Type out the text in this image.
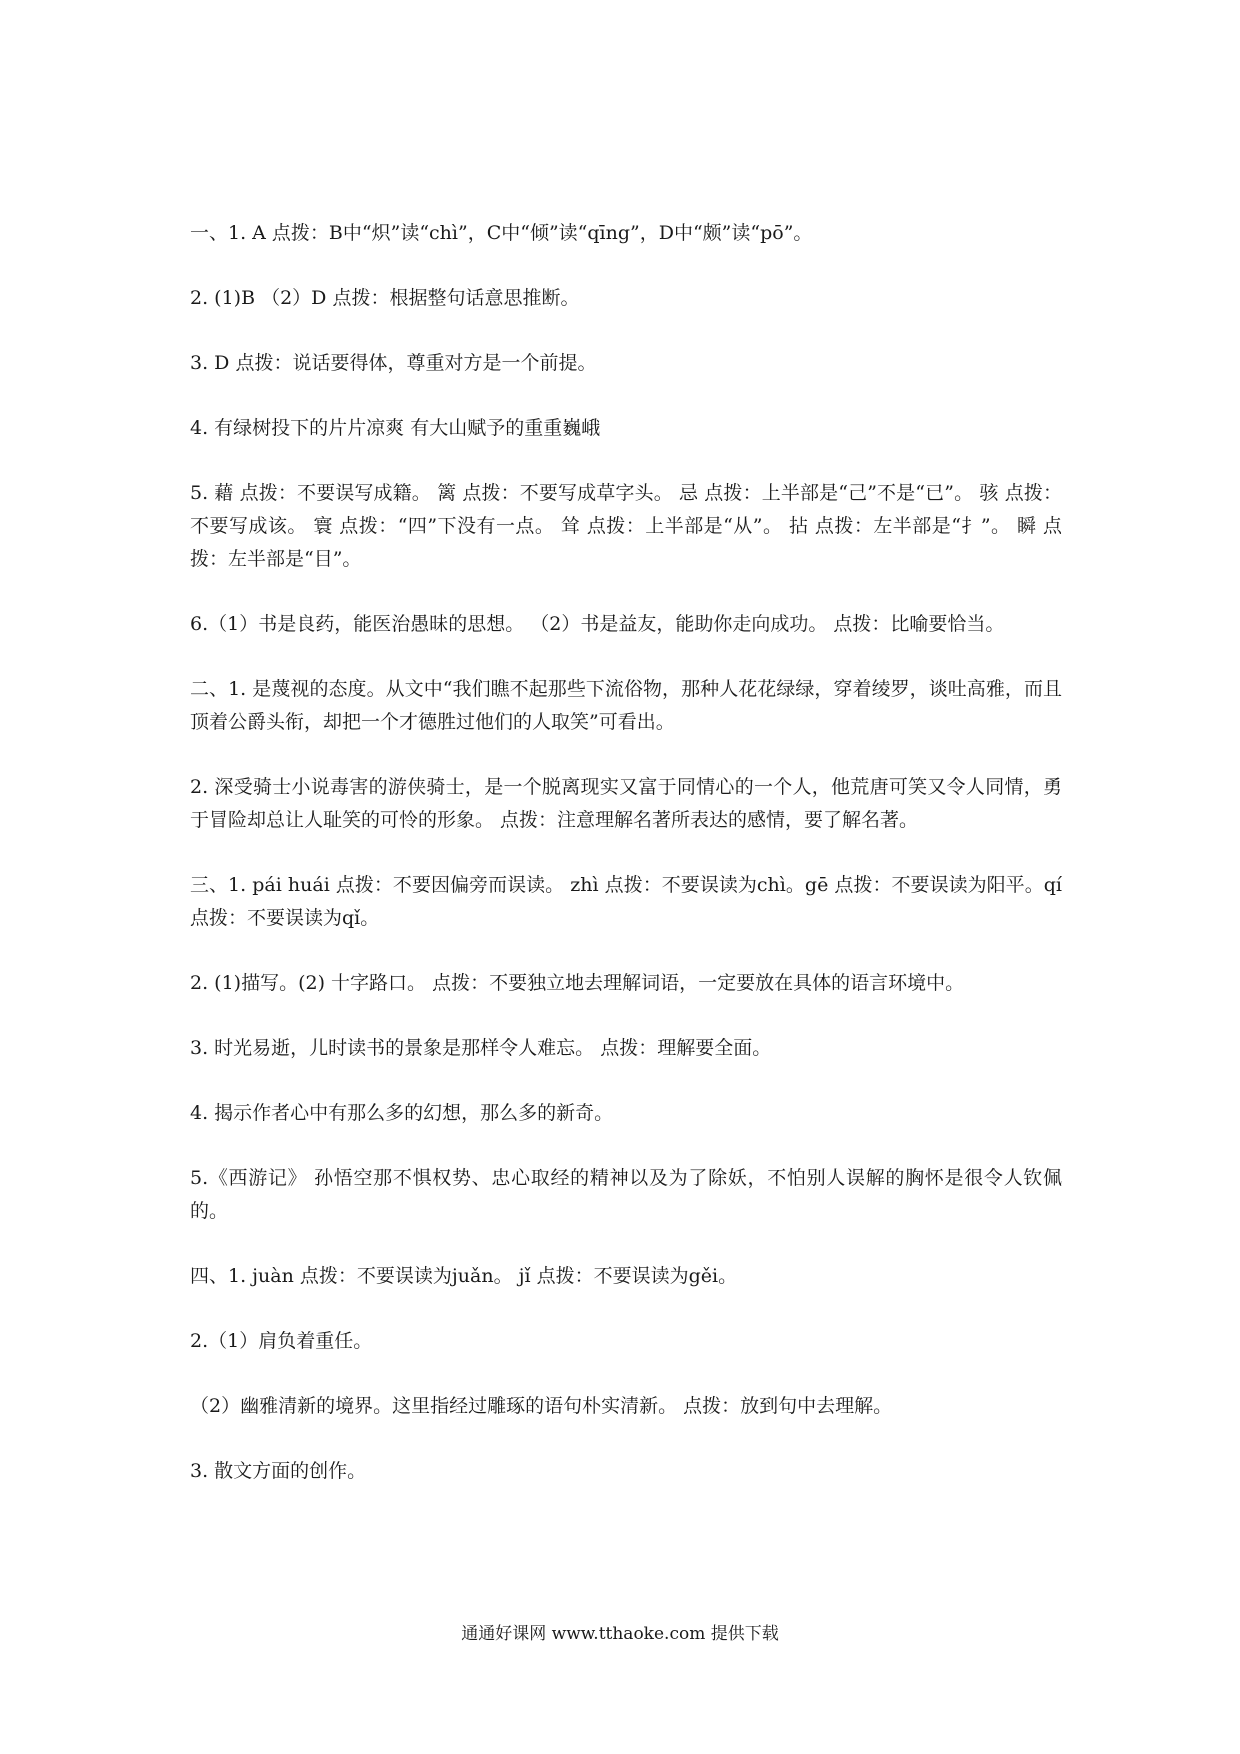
一、1. A 点拨：B中“炽”读“chì”，C中“倾”读“qīng”，D中“颇”读“pō”。

2. (1)B （2）D 点拨：根据整句话意思推断。

3. D 点拨：说话要得体，尊重对方是一个前提。

4. 有绿树投下的片片凉爽 有大山赋予的重重巍峨

5. 藉 点拨：不要误写成籍。 篱 点拨：不要写成草字头。 忌 点拨：上半部是“己”不是“已”。 骇 点拨：不要写成该。 寰 点拨：“四”下没有一点。 耸 点拨：上半部是“从”。 拈 点拨：左半部是“扌”。 瞬 点拨：左半部是“目”。

6.（1）书是良药，能医治愚昧的思想。 （2）书是益友，能助你走向成功。 点拨：比喻要恰当。

二、1. 是蔑视的态度。从文中“我们瞧不起那些下流俗物，那种人花花绿绿，穿着绫罗，谈吐高雅，而且顶着公爵头衔，却把一个才德胜过他们的人取笑”可看出。

2. 深受骑士小说毒害的游侠骑士，是一个脱离现实又富于同情心的一个人，他荒唐可笑又令人同情，勇于冒险却总让人耻笑的可怜的形象。 点拨：注意理解名著所表达的感情，要了解名著。

三、1. pái huái 点拨：不要因偏旁而误读。 zhì 点拨：不要误读为chì。gē 点拨：不要误读为阳平。qí 点拨：不要误读为qǐ。

2. (1)描写。(2) 十字路口。 点拨：不要独立地去理解词语，一定要放在具体的语言环境中。

3. 时光易逝，儿时读书的景象是那样令人难忘。 点拨：理解要全面。

4. 揭示作者心中有那么多的幻想，那么多的新奇。

5.《西游记》 孙悟空那不惧权势、忠心取经的精神以及为了除妖，不怕别人误解的胸怀是很令人钦佩的。

四、1. juàn 点拨：不要误读为juǎn。 jǐ 点拨：不要误读为gěi。

2.（1）肩负着重任。

（2）幽雅清新的境界。这里指经过雕琢的语句朴实清新。 点拨：放到句中去理解。

3. 散文方面的创作。

通通好课网 www.tthaoke.com 提供下载
